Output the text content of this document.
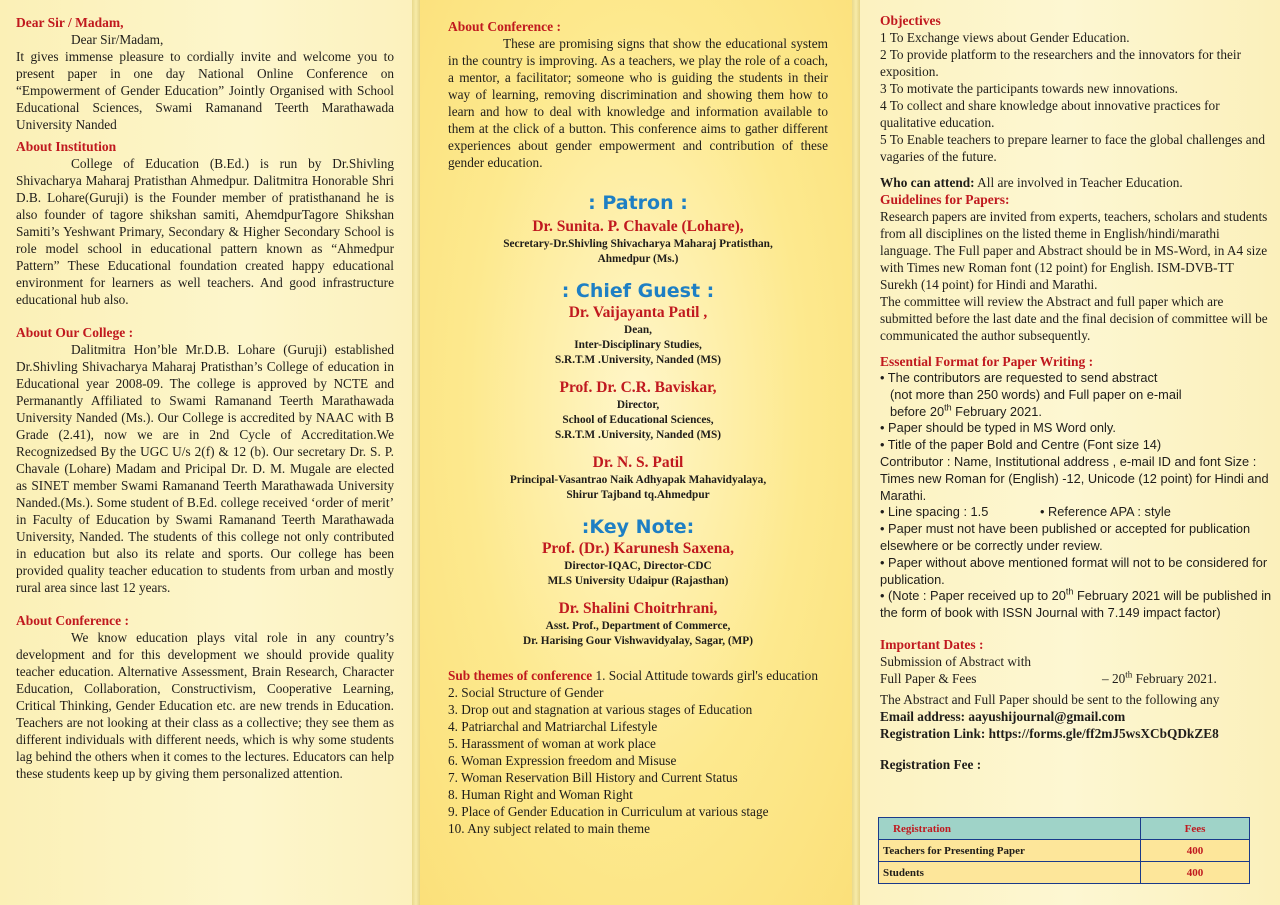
Dear Sir / Madam,

Dear Sir/Madam,

It gives immense pleasure to cordially invite and welcome you to present paper in one day National Online Conference on “Empowerment of Gender Education” Jointly Organised with School Educational Sciences, Swami Ramanand Teerth Marathawada University Nanded

About Institution

College of Education (B.Ed.) is run by Dr.Shivling Shivacharya Maharaj Pratisthan Ahmedpur. Dalitmitra Honorable Shri D.B. Lohare(Guruji) is the Founder member of pratisthanand he is also founder of tagore shikshan samiti, AhemdpurTagore Shikshan Samiti’s Yeshwant Primary, Secondary & Higher Secondary School is role model school in educational pattern known as “Ahmedpur Pattern” These Educational foundation created happy educational environment for learners as well teachers. And good infrastructure educational hub also.

About Our College :

Dalitmitra Hon’ble Mr.D.B. Lohare (Guruji) established Dr.Shivling Shivacharya Maharaj Pratisthan’s College of education in Educational year 2008-09. The college is approved by NCTE and Permanantly Affiliated to Swami Ramanand Teerth Marathawada University Nanded (Ms.). Our College is accredited by NAAC with B Grade (2.41), now we are in 2nd Cycle of Accreditation.We Recognizedsed By the UGC U/s 2(f) & 12 (b). Our secretary Dr. S. P. Chavale (Lohare) Madam and Pricipal Dr. D. M. Mugale are elected as SINET member Swami Ramanand Teerth Marathawada University Nanded.(Ms.). Some student of B.Ed. college received ‘order of merit’ in Faculty of Education by Swami Ramanand Teerth Marathawada University, Nanded. The students of this college not only contributed in education but also its relate and sports. Our college has been provided quality teacher education to students from urban and mostly rural area since last 12 years.

About Conference :

We know education plays vital role in any country’s development and for this development we should provide quality teacher education. Alternative Assessment, Brain Research, Character Education, Collaboration, Constructivism, Cooperative Learning, Critical Thinking, Gender Education etc. are new trends in Education. Teachers are not looking at their class as a collective; they see them as different individuals with different needs, which is why some students lag behind the others when it comes to the lectures. Educators can help these students keep up by giving them personalized attention.

About Conference :

These are promising signs that show the educational system in the country is improving. As a teachers, we play the role of a coach, a mentor, a facilitator; someone who is guiding the students in their way of learning, removing discrimination and showing them how to learn and how to deal with knowledge and information available to them at the click of a button. This conference aims to gather different experiences about gender empowerment and contribution of these gender education.

: Patron :

Dr. Sunita. P. Chavale (Lohare),

Secretary-Dr.Shivling Shivacharya Maharaj Pratisthan,

Ahmedpur (Ms.)

: Chief Guest :

Dr. Vaijayanta Patil ,

Dean,

Inter-Disciplinary Studies,

S.R.T.M .University, Nanded (MS)

Prof. Dr. C.R. Baviskar,

Director,

School of Educational Sciences,

S.R.T.M .University, Nanded (MS)

Dr. N. S. Patil

Principal-Vasantrao Naik Adhyapak Mahavidyalaya,

Shirur Tajband tq.Ahmedpur

:Key Note:

Prof. (Dr.) Karunesh Saxena,

Director-IQAC, Director-CDC

MLS University Udaipur (Rajasthan)

Dr. Shalini Choitrhrani,

Asst. Prof., Department of Commerce,

Dr. Harising Gour Vishwavidyalay, Sagar, (MP)

Sub themes of conference 1. Social Attitude towards girl's education

2. Social Structure of Gender
3. Drop out and stagnation at various stages of Education
4. Patriarchal and Matriarchal Lifestyle
5. Harassment of woman at work place
6. Woman Expression freedom and Misuse
7. Woman Reservation Bill History and Current Status
8. Human Right and Woman Right
9. Place of Gender Education in Curriculum at various stage
10. Any subject related to main theme

Objectives

1 To Exchange views about Gender Education.

2 To provide platform to the researchers and the innovators for their exposition.

3 To motivate the participants towards new innovations.

4 To collect and share knowledge about innovative practices for qualitative education.

5 To Enable teachers to prepare learner to face the global challenges and vagaries of the future.

Who can attend: All are involved in Teacher Education.

Guidelines for Papers:

Research papers are invited from experts, teachers, scholars and students from all disciplines on the listed theme in English/hindi/marathi language. The Full paper and Abstract should be in MS-Word, in A4 size with Times new Roman font (12 point) for English. ISM-DVB-TT Surekh (14 point) for Hindi and Marathi.

The committee will review the Abstract and full paper which are submitted before the last date and the final decision of committee will be communicated the author subsequently.

Essential Format for Paper Writing :

• The contributors are requested to send abstract
(not more than 250 words) and Full paper on e-mail
before 20th February 2021.
• Paper should be typed in MS Word only.
• Title of the paper Bold and Centre (Font size 14)
Contributor : Name, Institutional address , e-mail ID and font Size : Times new Roman for (English) -12, Unicode (12 point) for Hindi and Marathi.
• Line spacing : 1.5	• Reference APA : style
• Paper must not have been published or accepted for publication elsewhere or be correctly under review.
• Paper without above mentioned format will not to be considered for publication.
• (Note : Paper received up to 20th February 2021 will be published in the form of book with ISSN Journal with 7.149 impact factor)

Important Dates :

Submission of Abstract with

Full Paper & Fees	– 20th February 2021.

The Abstract and Full Paper should be sent to the following any

Email address: aayushijournal@gmail.com

Registration Link: https://forms.gle/ff2mJ5wsXCbQDkZE8

Registration Fee :

Registration	Fees
Teachers for Presenting Paper	400
Students	400
